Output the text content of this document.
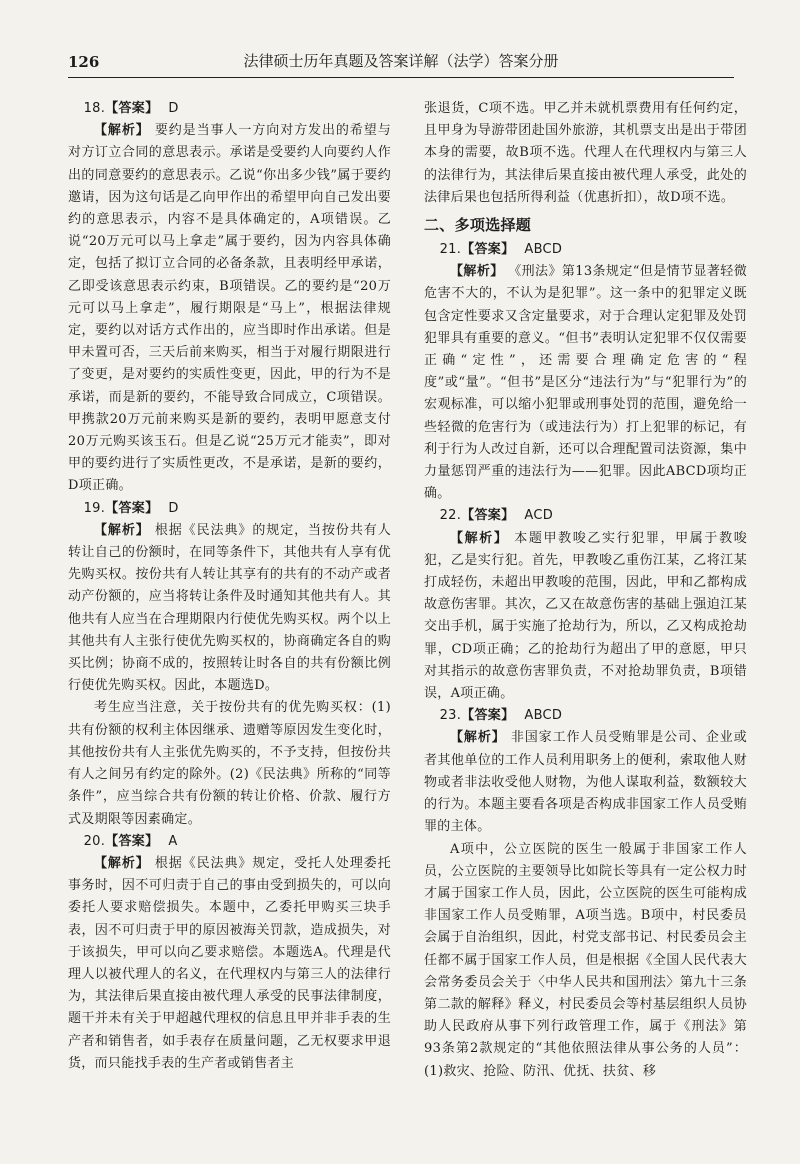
126	法律硕士历年真题及答案详解（法学）答案分册

18.【答案】 D

【解析】 要约是当事人一方向对方发出的希望与对方订立合同的意思表示。承诺是受要约人向要约人作出的同意要约的意思表示。乙说“你出多少钱”属于要约邀请，因为这句话是乙向甲作出的希望甲向自己发出要约的意思表示，内容不是具体确定的，A项错误。乙说“20万元可以马上拿走”属于要约，因为内容具体确定，包括了拟订立合同的必备条款，且表明经甲承诺，乙即受该意思表示约束，B项错误。乙的要约是“20万元可以马上拿走”，履行期限是“马上”，根据法律规定，要约以对话方式作出的，应当即时作出承诺。但是甲未置可否，三天后前来购买，相当于对履行期限进行了变更，是对要约的实质性变更，因此，甲的行为不是承诺，而是新的要约，不能导致合同成立，C项错误。甲携款20万元前来购买是新的要约，表明甲愿意支付20万元购买该玉石。但是乙说“25万元才能卖”，即对甲的要约进行了实质性更改，不是承诺，是新的要约，D项正确。

19.【答案】 D

【解析】 根据《民法典》的规定，当按份共有人转让自己的份额时，在同等条件下，其他共有人享有优先购买权。按份共有人转让其享有的共有的不动产或者动产份额的，应当将转让条件及时通知其他共有人。其他共有人应当在合理期限内行使优先购买权。两个以上其他共有人主张行使优先购买权的，协商确定各自的购买比例；协商不成的，按照转让时各自的共有份额比例行使优先购买权。因此，本题选D。

考生应当注意，关于按份共有的优先购买权：(1)共有份额的权利主体因继承、遗赠等原因发生变化时，其他按份共有人主张优先购买的，不予支持，但按份共有人之间另有约定的除外。(2)《民法典》所称的“同等条件”，应当综合共有份额的转让价格、价款、履行方式及期限等因素确定。

20.【答案】 A

【解析】 根据《民法典》规定，受托人处理委托事务时，因不可归责于自己的事由受到损失的，可以向委托人要求赔偿损失。本题中，乙委托甲购买三块手表，因不可归责于甲的原因被海关罚款，造成损失，对于该损失，甲可以向乙要求赔偿。本题选A。代理是代理人以被代理人的名义，在代理权内与第三人的法律行为，其法律后果直接由被代理人承受的民事法律制度，题干并未有关于甲超越代理权的信息且甲并非手表的生产者和销售者，如手表存在质量问题，乙无权要求甲退货，而只能找手表的生产者或销售者主

张退货，C项不选。甲乙并未就机票费用有任何约定，且甲身为导游带团赴国外旅游，其机票支出是出于带团本身的需要，故B项不选。代理人在代理权内与第三人的法律行为，其法律后果直接由被代理人承受，此处的法律后果也包括所得利益（优惠折扣），故D项不选。

二、多项选择题

21.【答案】 ABCD

【解析】 《刑法》第13条规定“但是情节显著轻微危害不大的，不认为是犯罪”。这一条中的犯罪定义既包含定性要求又含定量要求，对于合理认定犯罪及处罚犯罪具有重要的意义。“但书”表明认定犯罪不仅仅需要正确“定性”，还需要合理确定危害的“程度”或“量”。“但书”是区分“违法行为”与“犯罪行为”的宏观标准，可以缩小犯罪或刑事处罚的范围，避免给一些轻微的危害行为（或违法行为）打上犯罪的标记，有利于行为人改过自新，还可以合理配置司法资源，集中力量惩罚严重的违法行为——犯罪。因此ABCD项均正确。

22.【答案】 ACD

【解析】 本题甲教唆乙实行犯罪，甲属于教唆犯，乙是实行犯。首先，甲教唆乙重伤江某，乙将江某打成轻伤，未超出甲教唆的范围，因此，甲和乙都构成故意伤害罪。其次，乙又在故意伤害的基础上强迫江某交出手机，属于实施了抢劫行为，所以，乙又构成抢劫罪，CD项正确；乙的抢劫行为超出了甲的意愿，甲只对其指示的故意伤害罪负责，不对抢劫罪负责，B项错误，A项正确。

23.【答案】 ABCD

【解析】 非国家工作人员受贿罪是公司、企业或者其他单位的工作人员利用职务上的便利，索取他人财物或者非法收受他人财物，为他人谋取利益，数额较大的行为。本题主要看各项是否构成非国家工作人员受贿罪的主体。

A项中，公立医院的医生一般属于非国家工作人员，公立医院的主要领导比如院长等具有一定公权力时才属于国家工作人员，因此，公立医院的医生可能构成非国家工作人员受贿罪，A项当选。B项中，村民委员会属于自治组织，因此，村党支部书记、村民委员会主任都不属于国家工作人员，但是根据《全国人民代表大会常务委员会关于〈中华人民共和国刑法〉第九十三条第二款的解释》释义，村民委员会等村基层组织人员协助人民政府从事下列行政管理工作，属于《刑法》第93条第2款规定的“其他依照法律从事公务的人员”：(1)救灾、抢险、防汛、优抚、扶贫、移
